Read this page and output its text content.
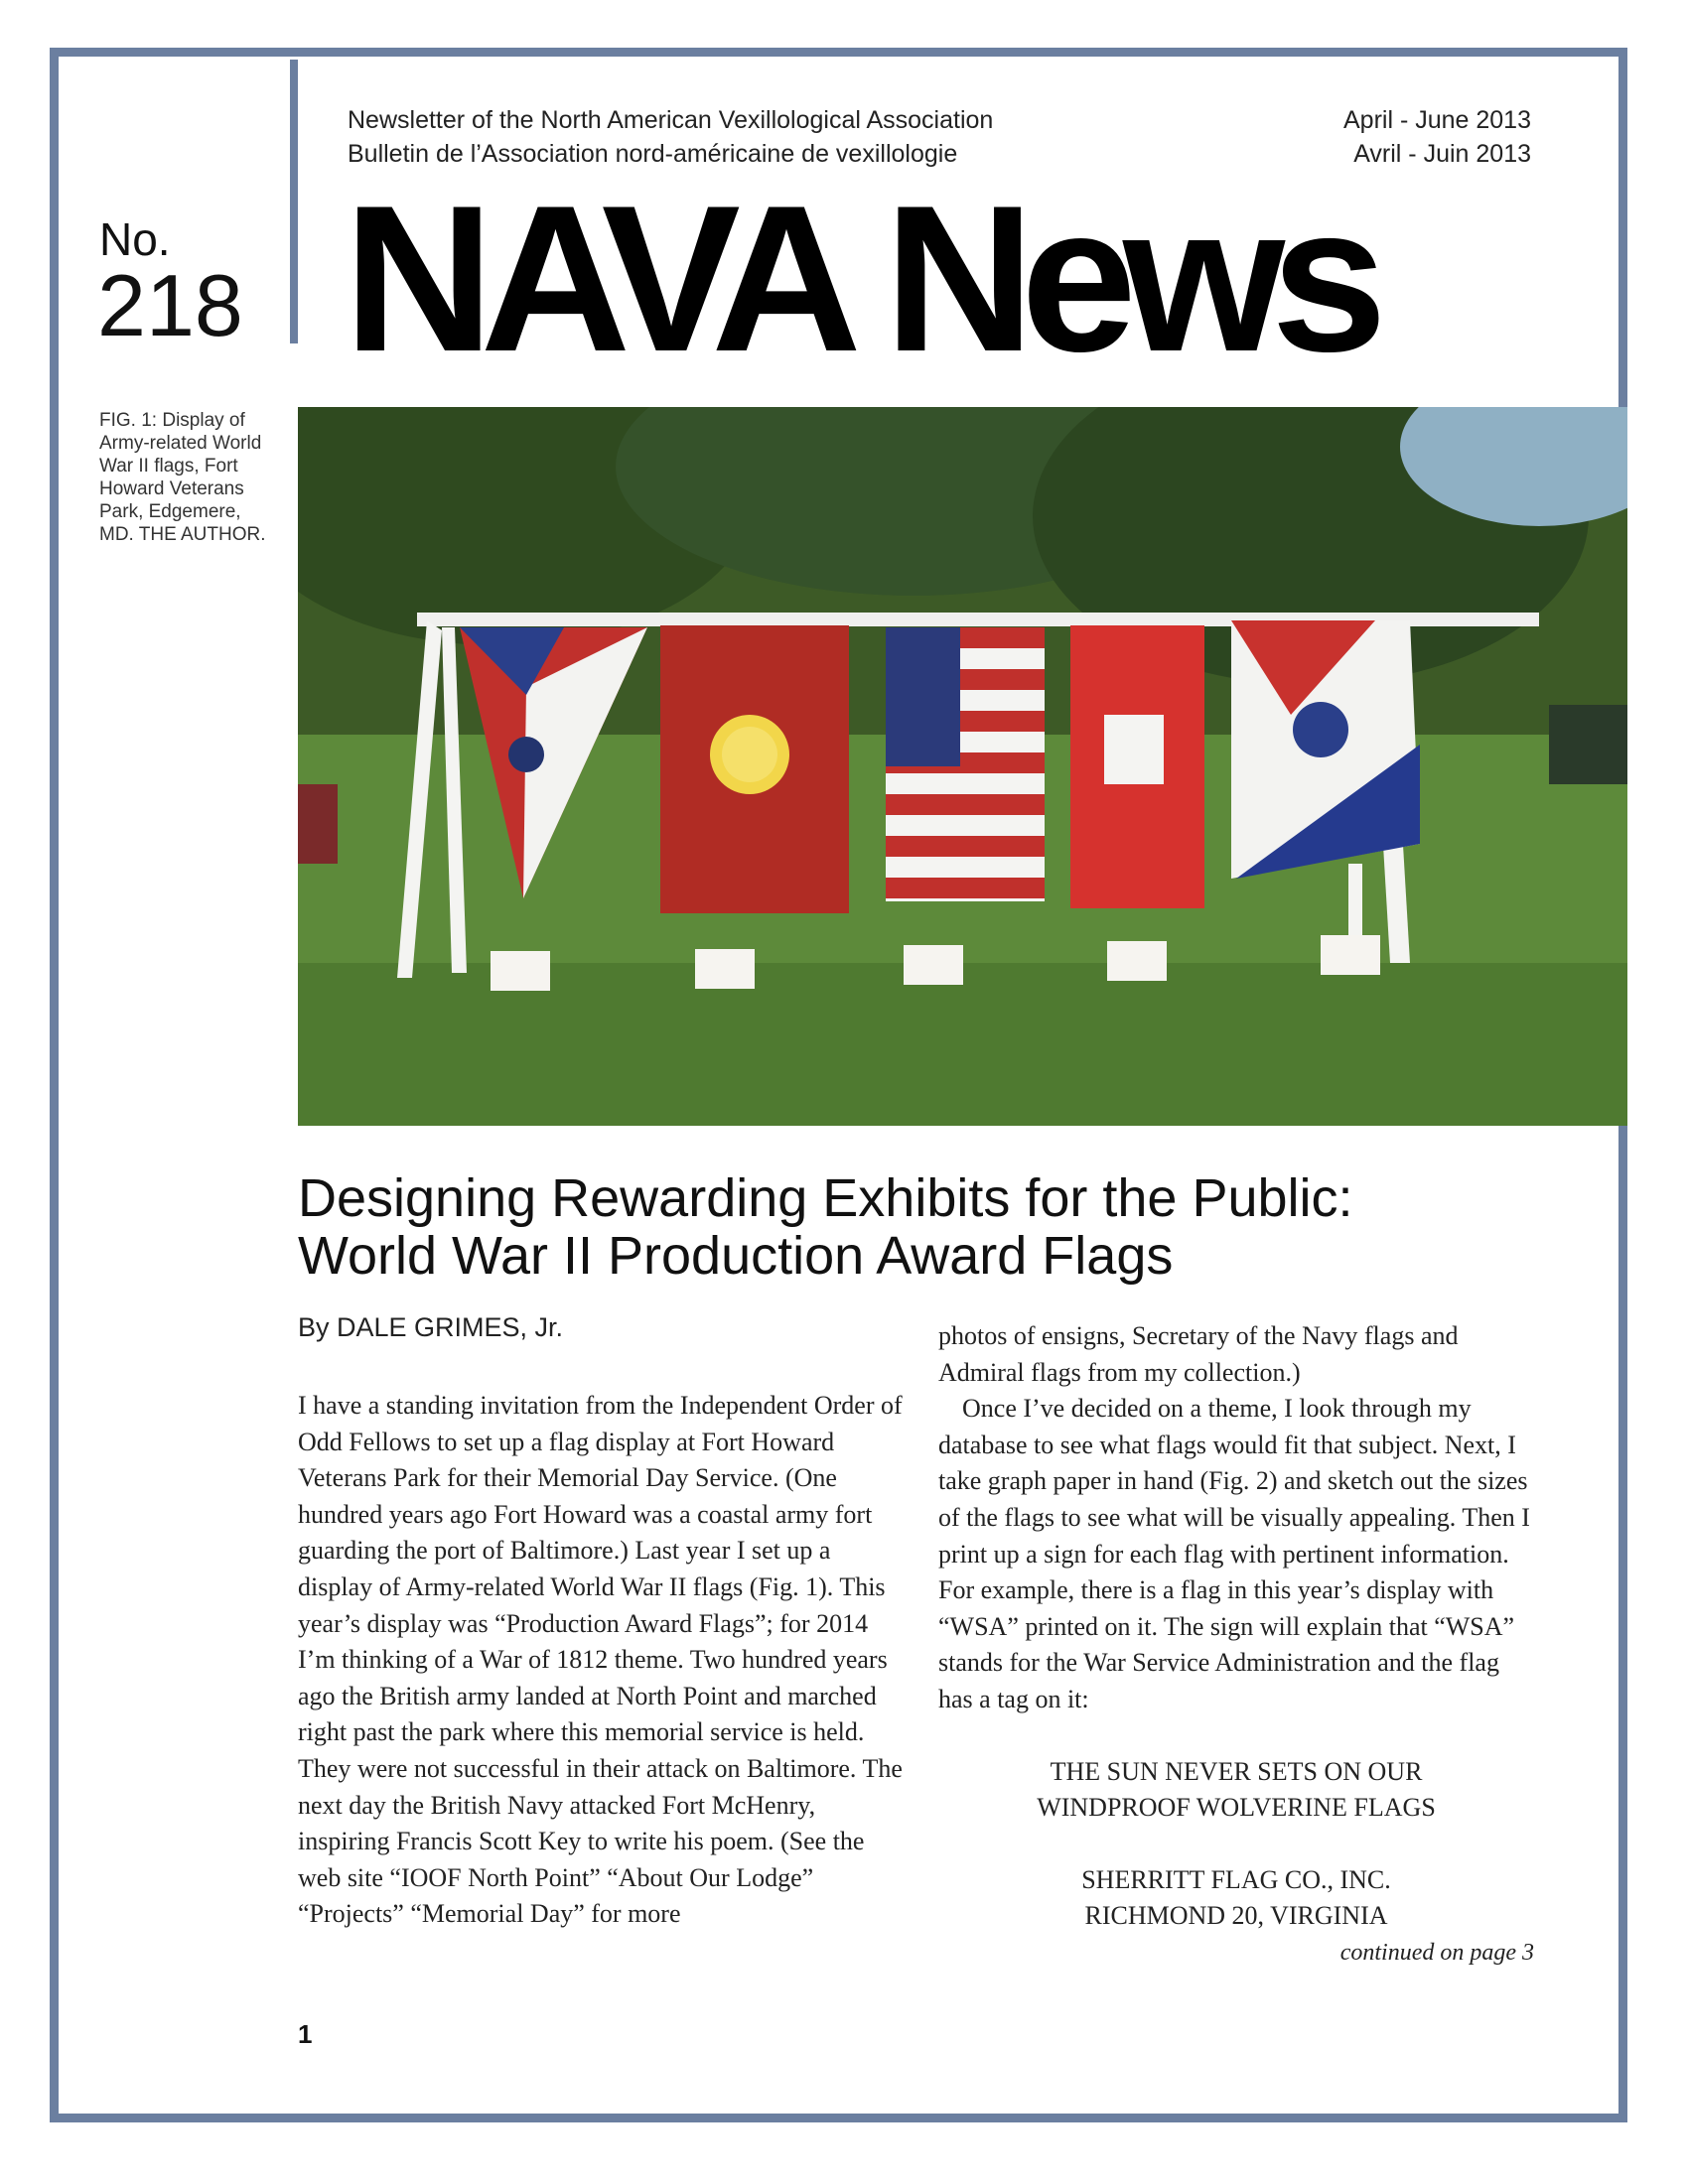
Newsletter of the North American Vexillological Association
Bulletin de l’Association nord-américaine de vexillologie
April - June 2013
Avril - Juin 2013
No.
218 NAVA News
FIG. 1: Display of Army-related World War II flags, Fort Howard Veterans Park, Edgemere, MD. THE AUTHOR.
Designing Rewarding Exhibits for the Public:
World War II Production Award Flags
By DALE GRIMES, Jr.

I have a standing invitation from the Independent Order of Odd Fellows to set up a flag display at Fort Howard Veterans Park for their Memorial Day Service. (One hundred years ago Fort Howard was a coastal army fort guarding the port of Baltimore.) Last year I set up a display of Army-related World War II flags (Fig. 1). This year’s display was “Production Award Flags”; for 2014 I’m thinking of a War of 1812 theme. Two hundred years ago the British army landed at North Point and marched right past the park where this memorial service is held. They were not successful in their attack on Baltimore. The next day the British Navy attacked Fort McHenry, inspiring Francis Scott Key to write his poem. (See the web site “IOOF North Point” “About Our Lodge” “Projects” “Memorial Day” for more

photos of ensigns, Secretary of the Navy flags and Admiral flags from my collection.)

Once I’ve decided on a theme, I look through my database to see what flags would fit that subject. Next, I take graph paper in hand (Fig. 2) and sketch out the sizes of the flags to see what will be visually appealing. Then I print up a sign for each flag with pertinent information. For example, there is a flag in this year’s display with “WSA” printed on it. The sign will explain that “WSA” stands for the War Service Administration and the flag has a tag on it:

THE SUN NEVER SETS ON OUR

WINDPROOF WOLVERINE FLAGS

SHERRITT FLAG CO., INC.

RICHMOND 20, VIRGINIA

continued on page 3

1
